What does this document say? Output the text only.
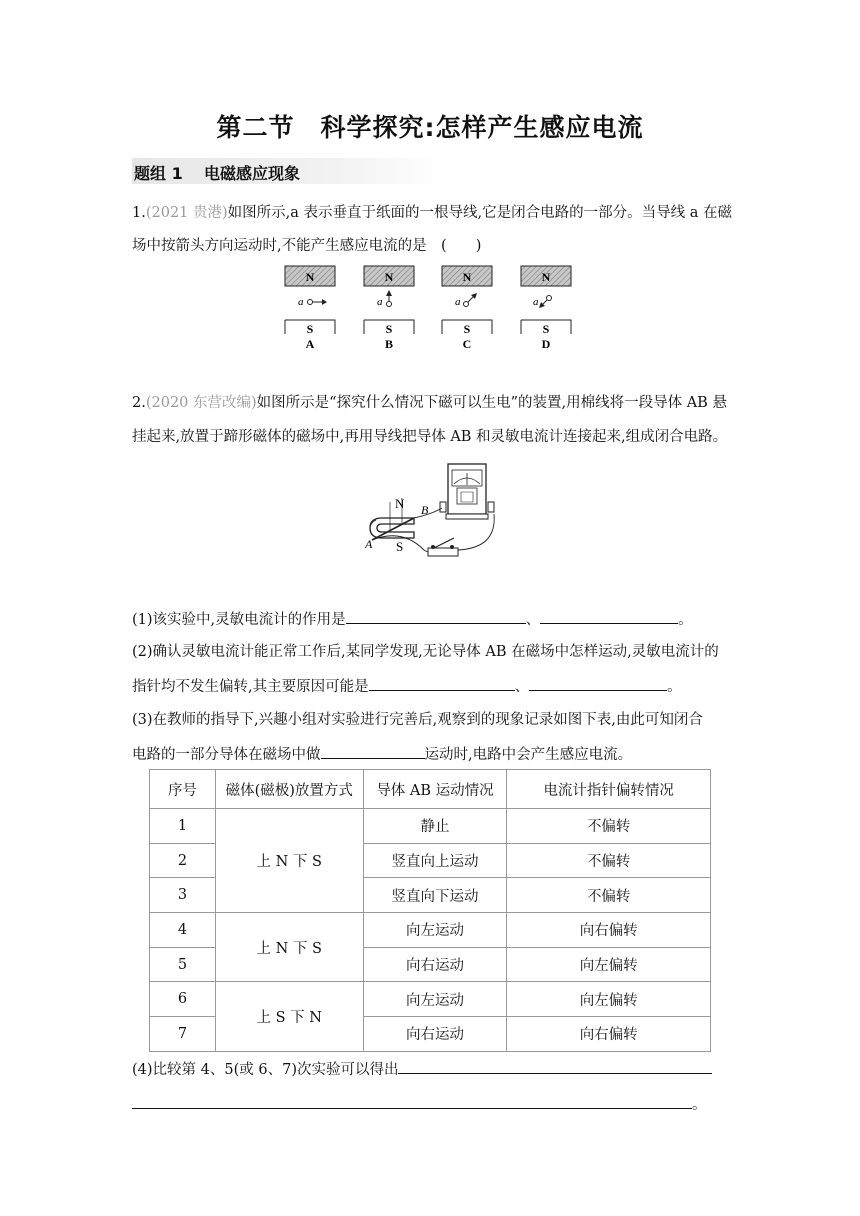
第二节　科学探究:怎样产生感应电流
题组 1 电磁感应现象
1.(2021 贵港)如图所示,a 表示垂直于纸面的一根导线,它是闭合电路的一部分。当导线 a 在磁
场中按箭头方向运动时,不能产生感应电流的是 (　　)
N
a
S
A
N
a
S
B
N
a
S
C
N
a
S
D
2.(2020 东营改编)如图所示是“探究什么情况下磁可以生电”的装置,用棉线将一段导体 AB 悬
挂起来,放置于蹄形磁体的磁场中,再用导线把导体 AB 和灵敏电流计连接起来,组成闭合电路。
N
S
A
B
(1)该实验中,灵敏电流计的作用是	、	。
(2)确认灵敏电流计能正常工作后,某同学发现,无论导体 AB 在磁场中怎样运动,灵敏电流计的
指针均不发生偏转,其主要原因可能是	、	。
(3)在教师的指导下,兴趣小组对实验进行完善后,观察到的现象记录如图下表,由此可知闭合
电路的一部分导体在磁场中做	运动时,电路中会产生感应电流。
序号	磁体(磁极)放置方式	导体 AB 运动情况	电流计指针偏转情况
1	上 N 下 S	静止	不偏转
2		竖直向上运动	不偏转
3		竖直向下运动	不偏转
4	上 N 下 S	向左运动	向右偏转
5		向右运动	向左偏转
6	上 S 下 N	向左运动	向左偏转
7		向右运动	向右偏转
(4)比较第 4、5(或 6、7)次实验可以得出
。
